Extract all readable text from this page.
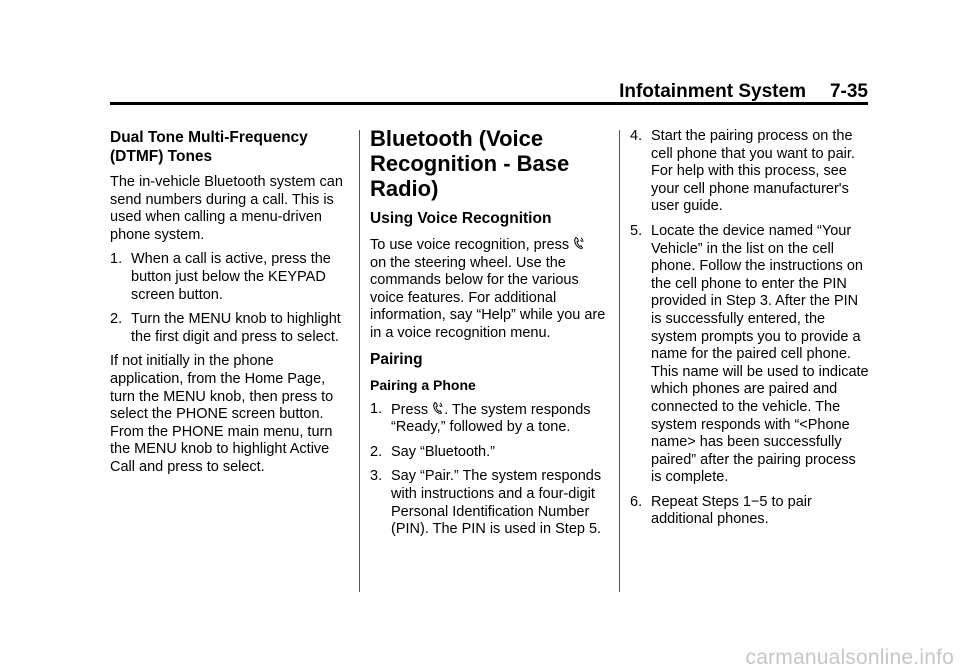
Infotainment System 7-35
Dual Tone Multi-Frequency (DTMF) Tones

The in-vehicle Bluetooth system can send numbers during a call. This is used when calling a menu-driven phone system.

1. When a call is active, press the button just below the KEYPAD screen button.
2. Turn the MENU knob to highlight the first digit and press to select.

If not initially in the phone application, from the Home Page, turn the MENU knob, then press to select the PHONE screen button. From the PHONE main menu, turn the MENU knob to highlight Active Call and press to select.

Bluetooth (Voice Recognition - Base Radio)
Using Voice Recognition

To use voice recognition, press
on the steering wheel. Use the commands below for the various voice features. For additional information, say “Help” while you are in a voice recognition menu.

Pairing
Pairing a Phone
1. Press . The system responds “Ready,” followed by a tone.
2. Say “Bluetooth.”
3. Say “Pair.” The system responds with instructions and a four-digit Personal Identification Number (PIN). The PIN is used in Step 5.
4. Start the pairing process on the cell phone that you want to pair. For help with this process, see your cell phone manufacturer's user guide.
5. Locate the device named “Your Vehicle” in the list on the cell phone. Follow the instructions on the cell phone to enter the PIN provided in Step 3. After the PIN is successfully entered, the system prompts you to provide a name for the paired cell phone. This name will be used to indicate which phones are paired and connected to the vehicle. The system responds with “<Phone name> has been successfully paired” after the pairing process is complete.
6. Repeat Steps 1−5 to pair additional phones.
carmanualsonline.info
